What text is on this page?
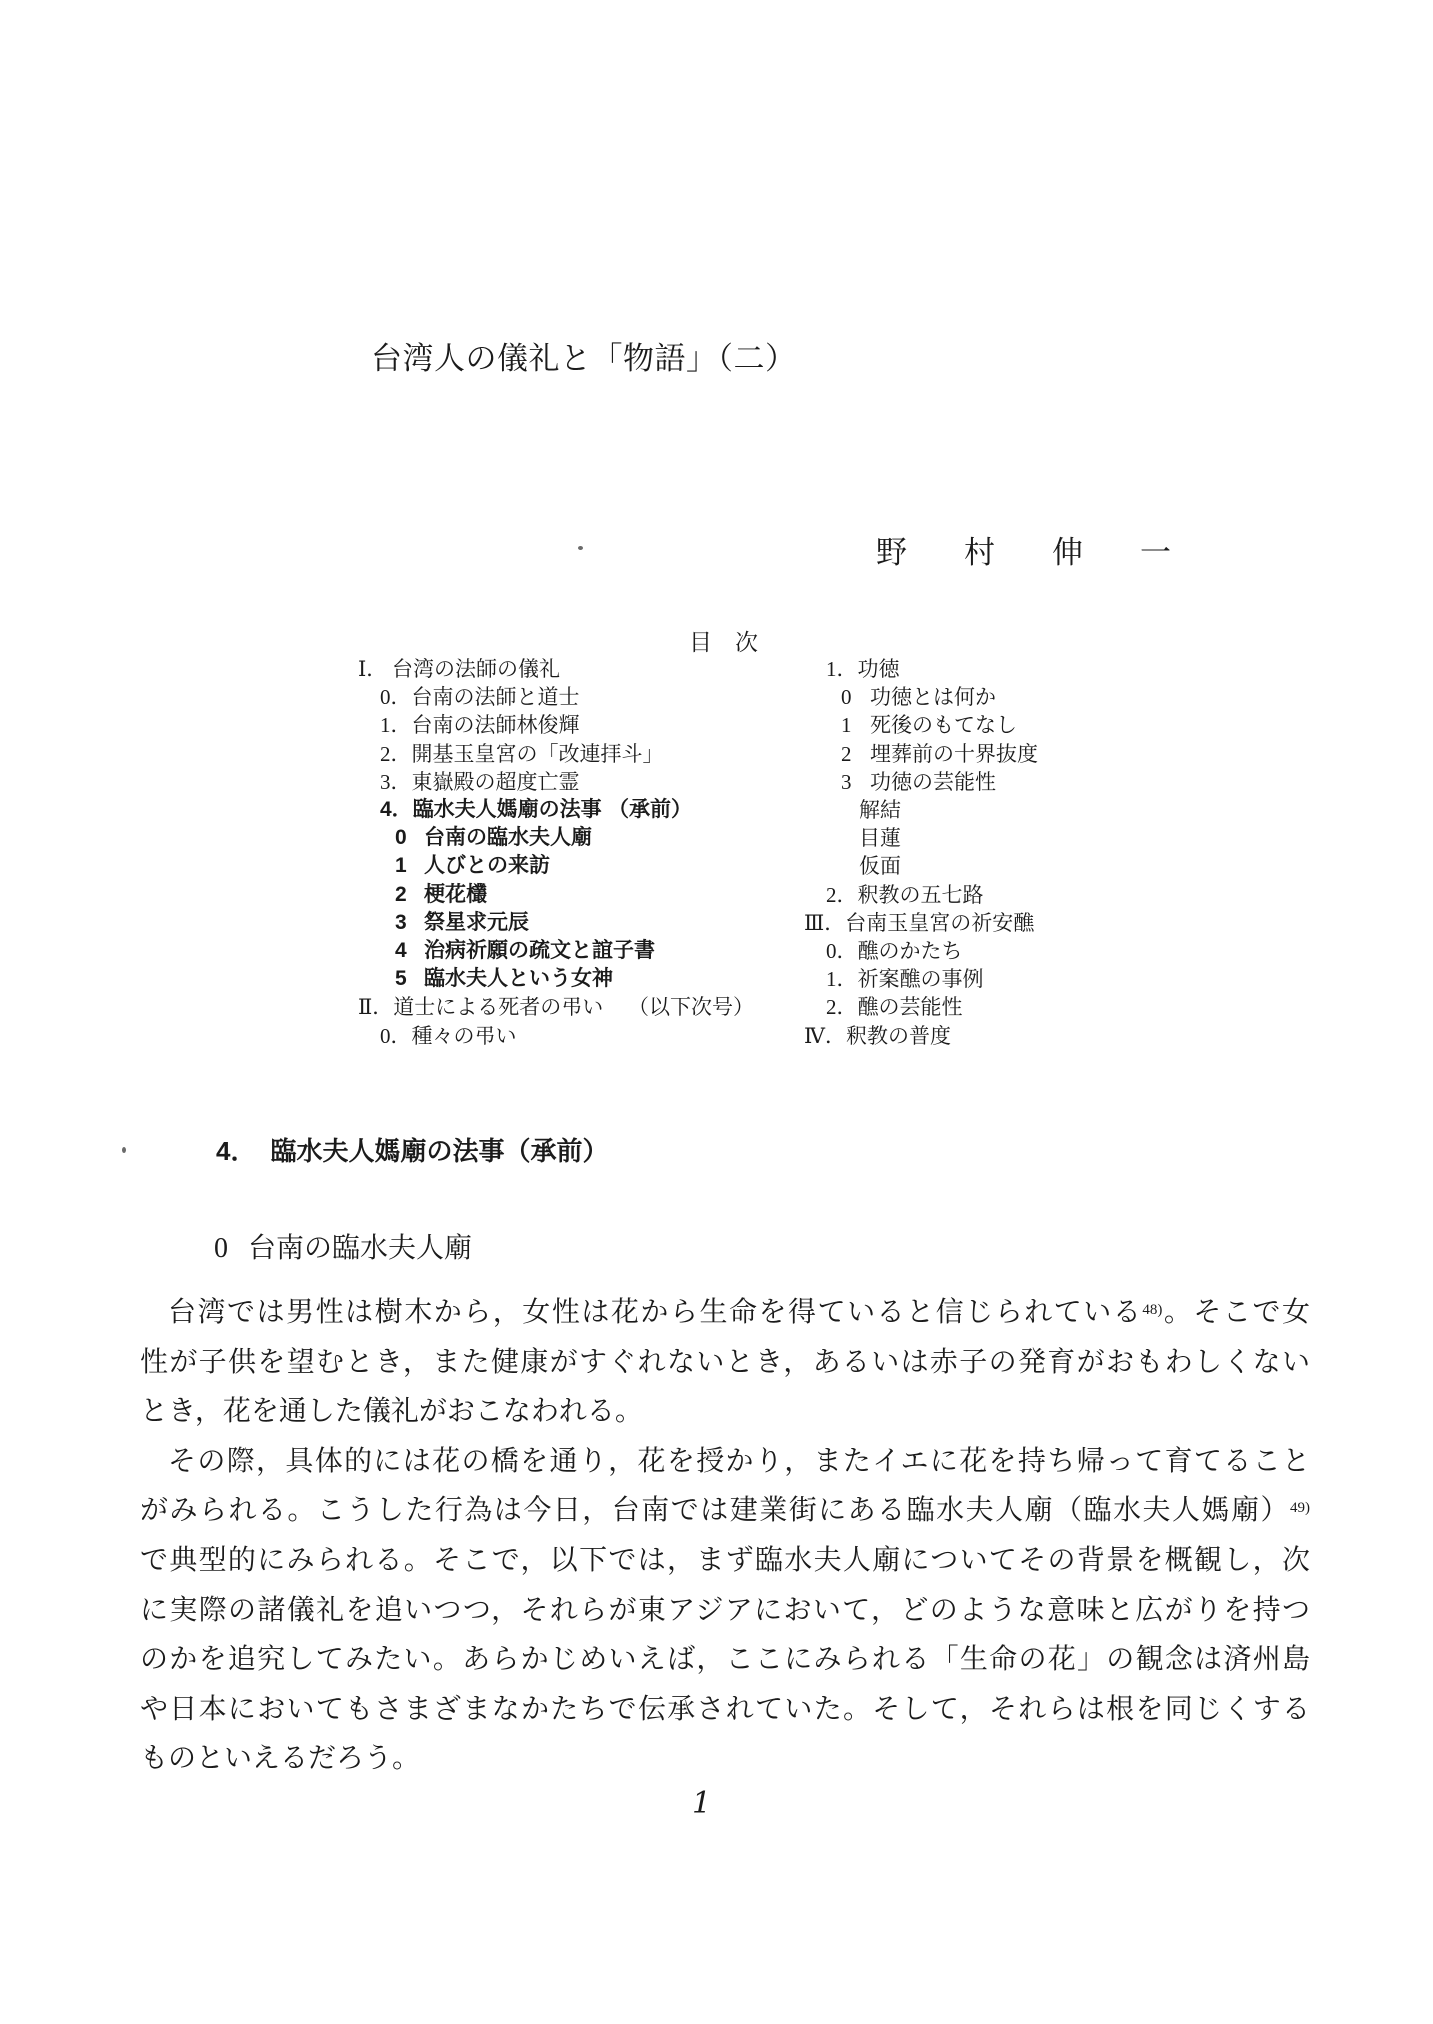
台湾人の儀礼と「物語」（二）
野　村　伸　一
目　次
Ⅰ． 台湾の法師の儀礼
0．台南の法師と道士
1．台南の法師林俊輝
2．開基玉皇宮の「改連拝斗」
3．東嶽殿の超度亡霊
4．臨水夫人媽廟の法事 （承前）
0 台南の臨水夫人廟
1 人びとの来訪
2 梗花欉
3 祭星求元辰
4 治病祈願の疏文と誼子書
5 臨水夫人という女神
Ⅱ．道士による死者の弔い （以下次号）
0．種々の弔い
1．功徳
0 功徳とは何か
1 死後のもてなし
2 埋葬前の十界抜度
3 功徳の芸能性
解結
目蓮
仮面
2．釈教の五七路
Ⅲ．台南玉皇宮の祈安醮
0．醮のかたち
1．祈案醮の事例
2．醮の芸能性
Ⅳ．釈教の普度
4． 臨水夫人媽廟の法事（承前）
0 台南の臨水夫人廟
台湾では男性は樹木から，女性は花から生命を得ていると信じられている$^{48)}$。そこで女
性が子供を望むとき，また健康がすぐれないとき，あるいは赤子の発育がおもわしくない
とき，花を通した儀礼がおこなわれる。
その際，具体的には花の橋を通り，花を授かり，またイエに花を持ち帰って育てること
がみられる。こうした行為は今日，台南では建業街にある臨水夫人廟（臨水夫人媽廟）$^{49)}$
で典型的にみられる。そこで，以下では，まず臨水夫人廟についてその背景を概観し，次
に実際の諸儀礼を追いつつ，それらが東アジアにおいて，どのような意味と広がりを持つ
のかを追究してみたい。あらかじめいえば，ここにみられる「生命の花」の観念は済州島
や日本においてもさまざまなかたちで伝承されていた。そして，それらは根を同じくする
ものといえるだろう。
1
